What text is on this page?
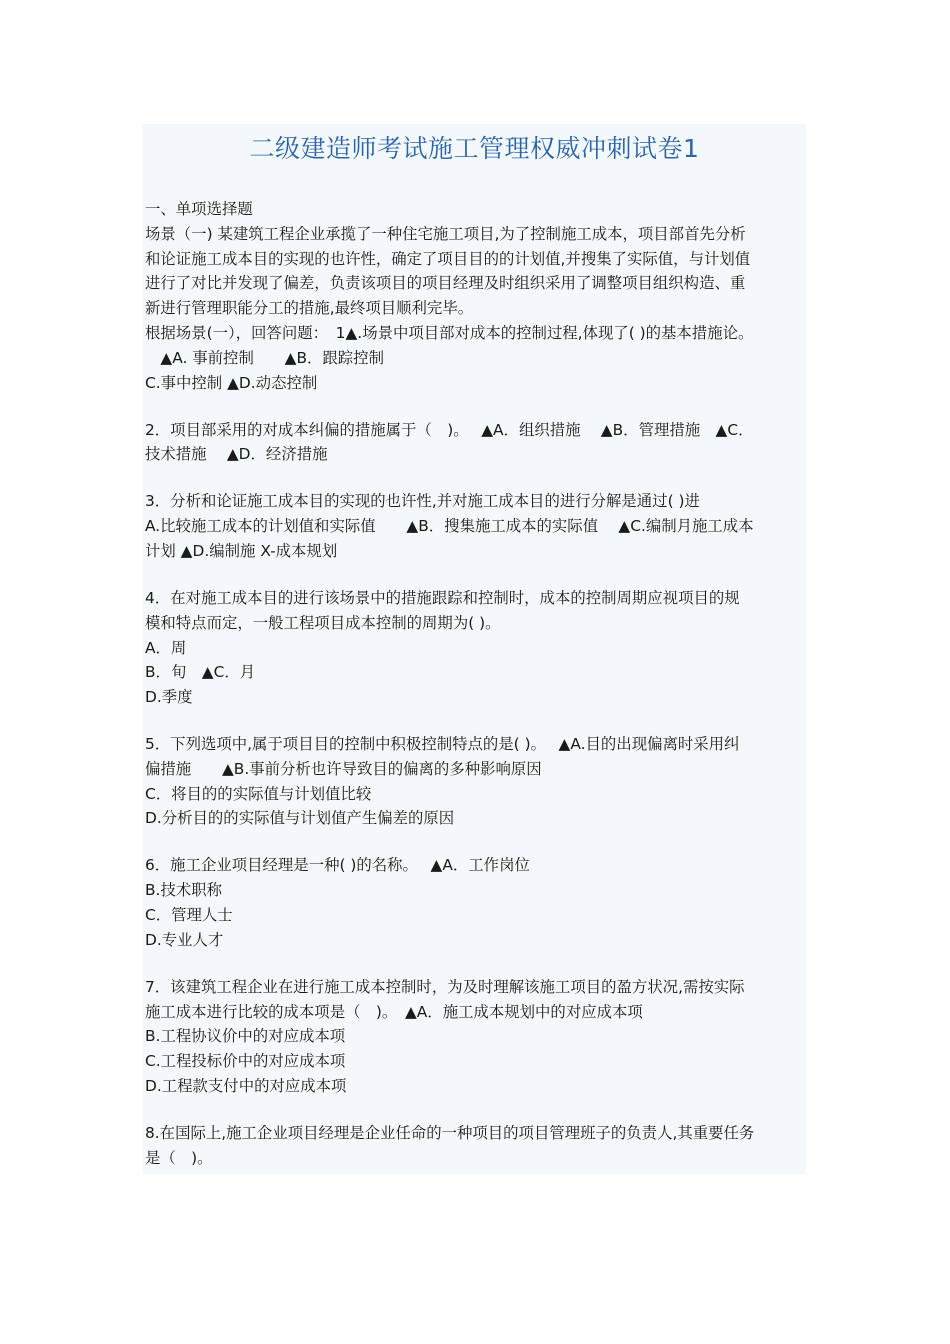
二级建造师考试施工管理权威冲刺试卷1
一、单项选择题
场景（一) 某建筑工程企业承揽了一种住宅施工项目,为了控制施工成本，项目部首先分析
和论证施工成本目的实现的也许性，确定了项目目的的计划值,并搜集了实际值，与计划值
进行了对比并发现了偏差，负责该项目的项目经理及时组织采用了调整项目组织构造、重
新进行管理职能分工的措施,最终项目顺利完毕。
根据场景(一），回答问题：　1▲.场景中项目部对成本的控制过程,体现了( )的基本措施论。
　▲A. 事前控制　　▲B．跟踪控制
C.事中控制 ▲D.动态控制
2．项目部采用的对成本纠偏的措施属于（　)。　 ▲A．组织措施　 ▲B．管理措施　▲C．
技术措施　 ▲D．经济措施
3．分析和论证施工成本目的实现的也许性,并对施工成本目的进行分解是通过( )进
A.比较施工成本的计划值和实际值　　▲B．搜集施工成本的实际值　 ▲C.编制月施工成本
计划 ▲D.编制施 X-成本规划
4．在对施工成本目的进行该场景中的措施跟踪和控制时，成本的控制周期应视项目的规
模和特点而定，一般工程项目成本控制的周期为( )。
A．周
B．旬　▲C．月
D.季度
5．下列选项中,属于项目目的控制中积极控制特点的是( )。　 ▲A.目的出现偏离时采用纠
偏措施　　▲B.事前分析也许导致目的偏离的多种影响原因
C．将目的的实际值与计划值比较
D.分析目的的实际值与计划值产生偏差的原因
6．施工企业项目经理是一种( )的名称。　 ▲A．工作岗位
B.技术职称
C．管理人士
D.专业人才
7．该建筑工程企业在进行施工成本控制时，为及时理解该施工项目的盈方状况,需按实际
施工成本进行比较的成本项是（　)。　▲A．施工成本规划中的对应成本项
B.工程协议价中的对应成本项
C.工程投标价中的对应成本项
D.工程款支付中的对应成本项
8.在国际上,施工企业项目经理是企业任命的一种项目的项目管理班子的负责人,其重要任务
是（　)。
